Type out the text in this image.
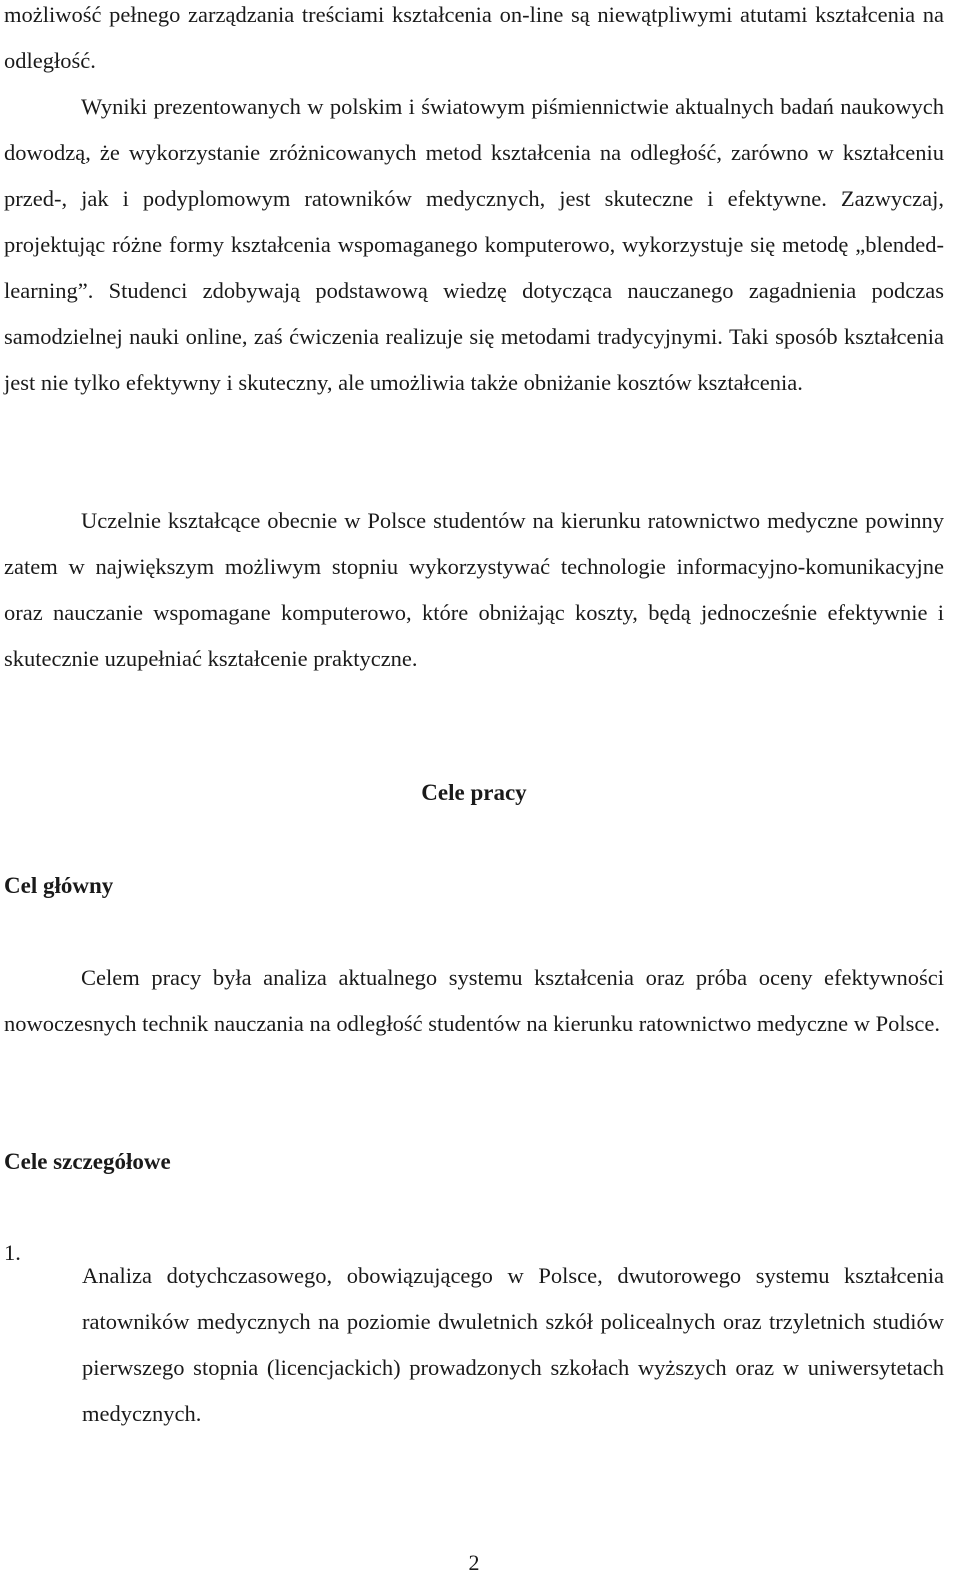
możliwość pełnego zarządzania treściami kształcenia on-line są niewątpliwymi atutami kształcenia na odległość.

Wyniki prezentowanych w polskim i światowym piśmiennictwie aktualnych badań naukowych dowodzą, że wykorzystanie zróżnicowanych metod kształcenia na odległość, zarówno w kształceniu przed-, jak i podyplomowym ratowników medycznych, jest skuteczne i efektywne. Zazwyczaj, projektując różne formy kształcenia wspomaganego komputerowo, wykorzystuje się metodę „blended-learning”. Studenci zdobywają podstawową wiedzę dotycząca nauczanego zagadnienia podczas samodzielnej nauki online, zaś ćwiczenia realizuje się metodami tradycyjnymi. Taki sposób kształcenia jest nie tylko efektywny i skuteczny, ale umożliwia także obniżanie kosztów kształcenia.

Uczelnie kształcące obecnie w Polsce studentów na kierunku ratownictwo medyczne powinny zatem w największym możliwym stopniu wykorzystywać technologie informacyjno-komunikacyjne oraz nauczanie wspomagane komputerowo, które obniżając koszty, będą jednocześnie efektywnie i skutecznie uzupełniać kształcenie praktyczne.

Cele pracy
Cel główny

Celem pracy była analiza aktualnego systemu kształcenia oraz próba oceny efektywności nowoczesnych technik nauczania na odległość studentów na kierunku ratownictwo medyczne w Polsce.

Cele szczegółowe
1.

Analiza dotychczasowego, obowiązującego w Polsce, dwutorowego systemu kształcenia ratowników medycznych na poziomie dwuletnich szkół policealnych oraz trzyletnich studiów pierwszego stopnia (licencjackich) prowadzonych szkołach wyższych oraz w uniwersytetach medycznych.

2
